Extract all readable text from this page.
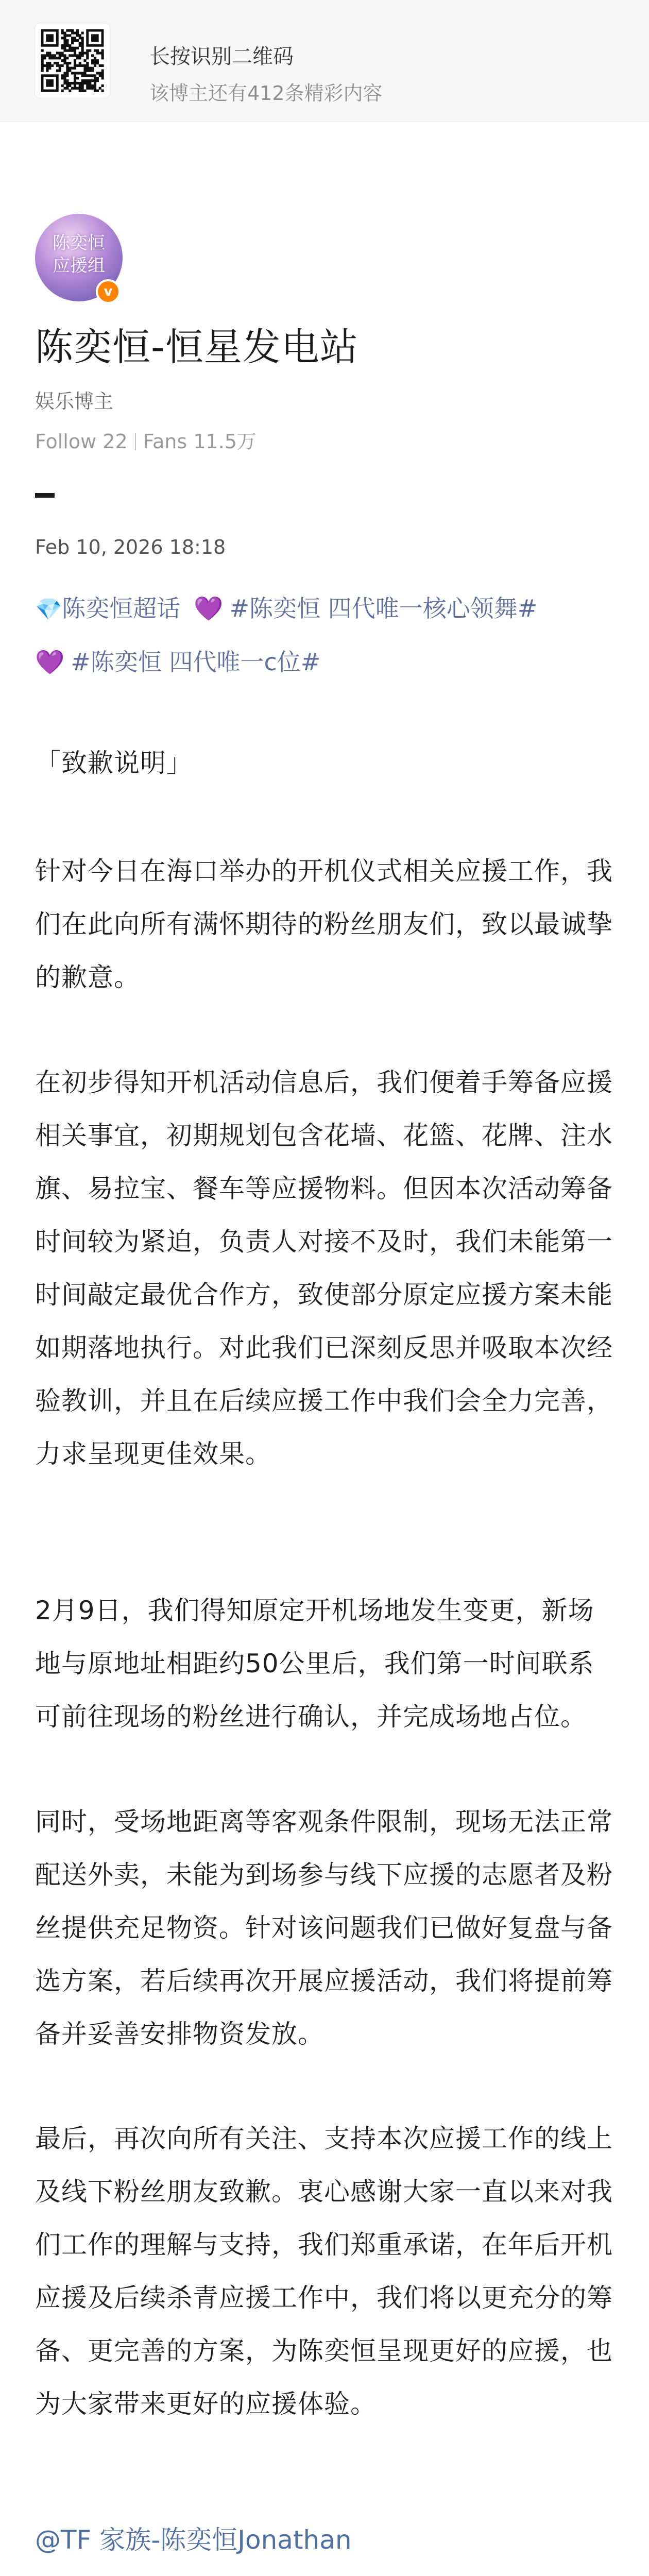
长按识别二维码
该博主还有412条精彩内容
陈奕恒
应援组
v
陈奕恒-恒星发电站
娱乐博主
Follow 22 Fans 11.5万
Feb 10, 2026 18:18
💎陈奕恒超话 💜 #陈奕恒 四代唯一核心领舞#
💜 #陈奕恒 四代唯一c位#
「致歉说明」
针对今日在海口举办的开机仪式相关应援工作，我们在此向所有满怀期待的粉丝朋友们，致以最诚挚的歉意。
在初步得知开机活动信息后，我们便着手筹备应援相关事宜，初期规划包含花墙、花篮、花牌、注水旗、易拉宝、餐车等应援物料。但因本次活动筹备时间较为紧迫，负责人对接不及时，我们未能第一时间敲定最优合作方，致使部分原定应援方案未能如期落地执行。对此我们已深刻反思并吸取本次经验教训，并且在后续应援工作中我们会全力完善，力求呈现更佳效果。
2月9日，我们得知原定开机场地发生变更，新场地与原地址相距约50公里后，我们第一时间联系可前往现场的粉丝进行确认，并完成场地占位。
同时，受场地距离等客观条件限制，现场无法正常配送外卖，未能为到场参与线下应援的志愿者及粉丝提供充足物资。针对该问题我们已做好复盘与备选方案，若后续再次开展应援活动，我们将提前筹备并妥善安排物资发放。
最后，再次向所有关注、支持本次应援工作的线上及线下粉丝朋友致歉。衷心感谢大家一直以来对我们工作的理解与支持，我们郑重承诺，在年后开机应援及后续杀青应援工作中，我们将以更充分的筹备、更完善的方案，为陈奕恒呈现更好的应援，也为大家带来更好的应援体验。
@TF 家族-陈奕恒Jonathan
